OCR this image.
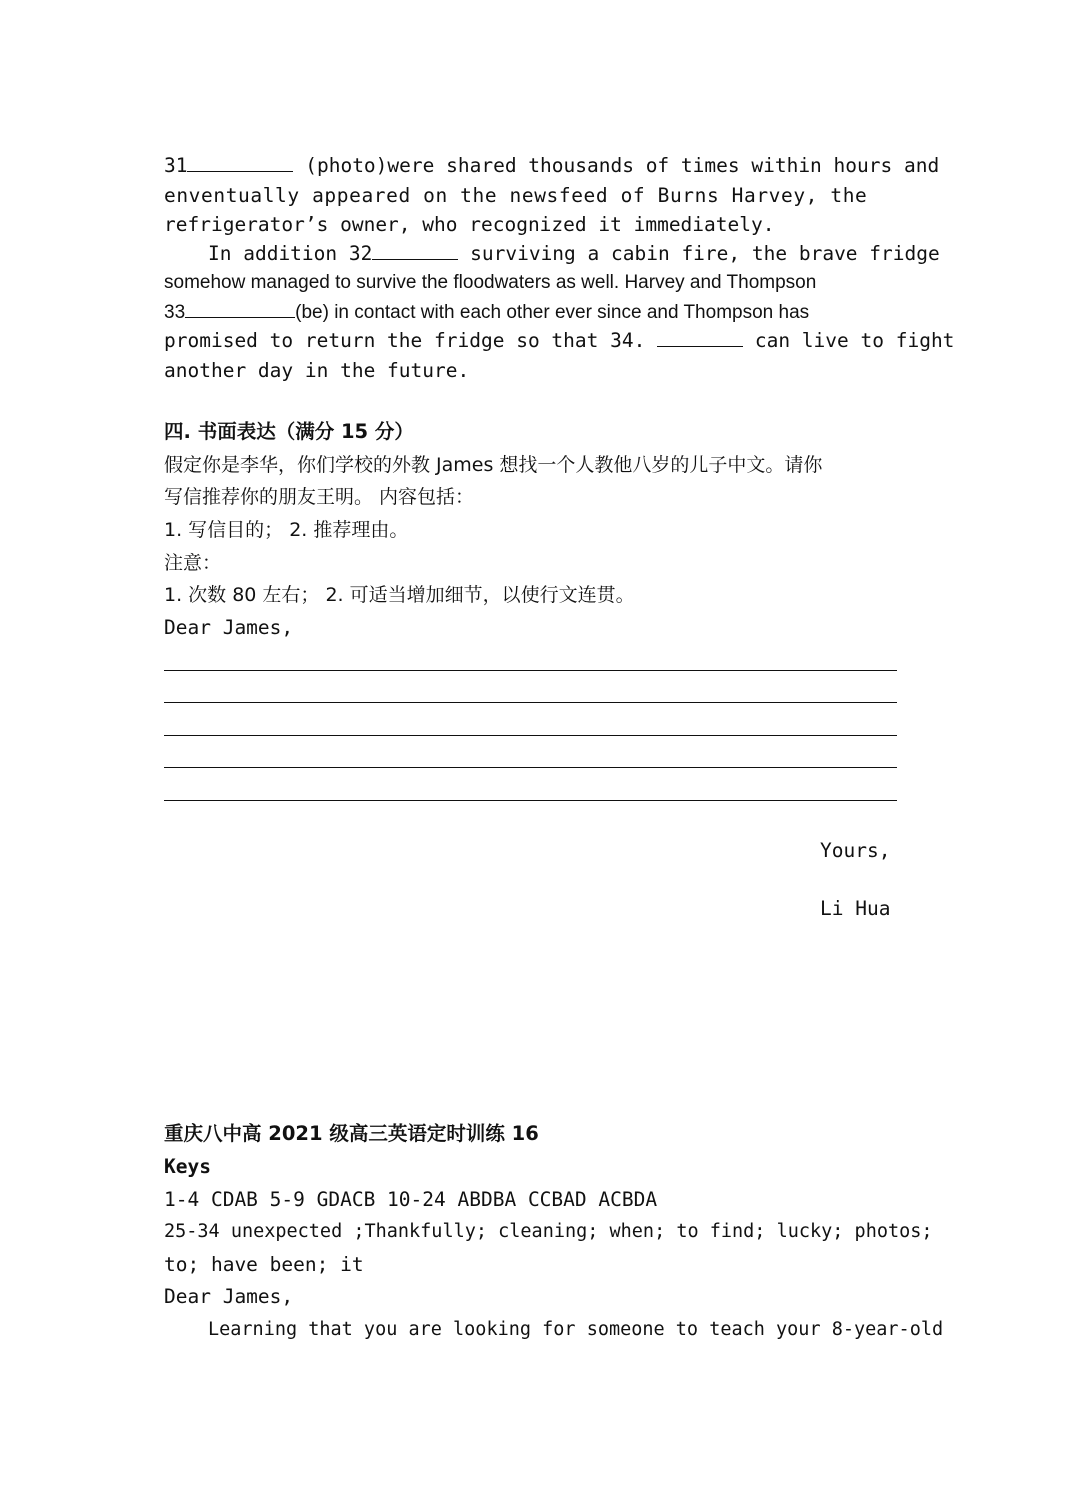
31	(photo)were shared thousands of times within hours and
enventually appeared on the newsfeed of Burns Harvey, the
refrigerator’s owner, who recognized it immediately.
In addition 32	surviving a cabin fire, the brave fridge
somehow managed to survive the floodwaters as well. Harvey and Thompson
33	(be) in contact with each other ever since and Thompson has
promised to return the fridge so that 34.	can live to fight
another day in the future.
四. 书面表达（满分 15 分）
假定你是李华，你们学校的外教 James 想找一个人教他八岁的儿子中文。请你
写信推荐你的朋友王明。 内容包括：
1. 写信目的； 2. 推荐理由。
注意：
1. 次数 80 左右； 2. 可适当增加细节，以使行文连贯。
Dear James,
Yours,
Li Hua
重庆八中高 2021 级高三英语定时训练 16
Keys
1-4 CDAB 5-9 GDACB 10-24 ABDBA CCBAD ACBDA
25-34 unexpected ;Thankfully; cleaning; when; to find; lucky; photos;
to; have been; it
Dear James,
Learning that you are looking for someone to teach your 8-year-old
